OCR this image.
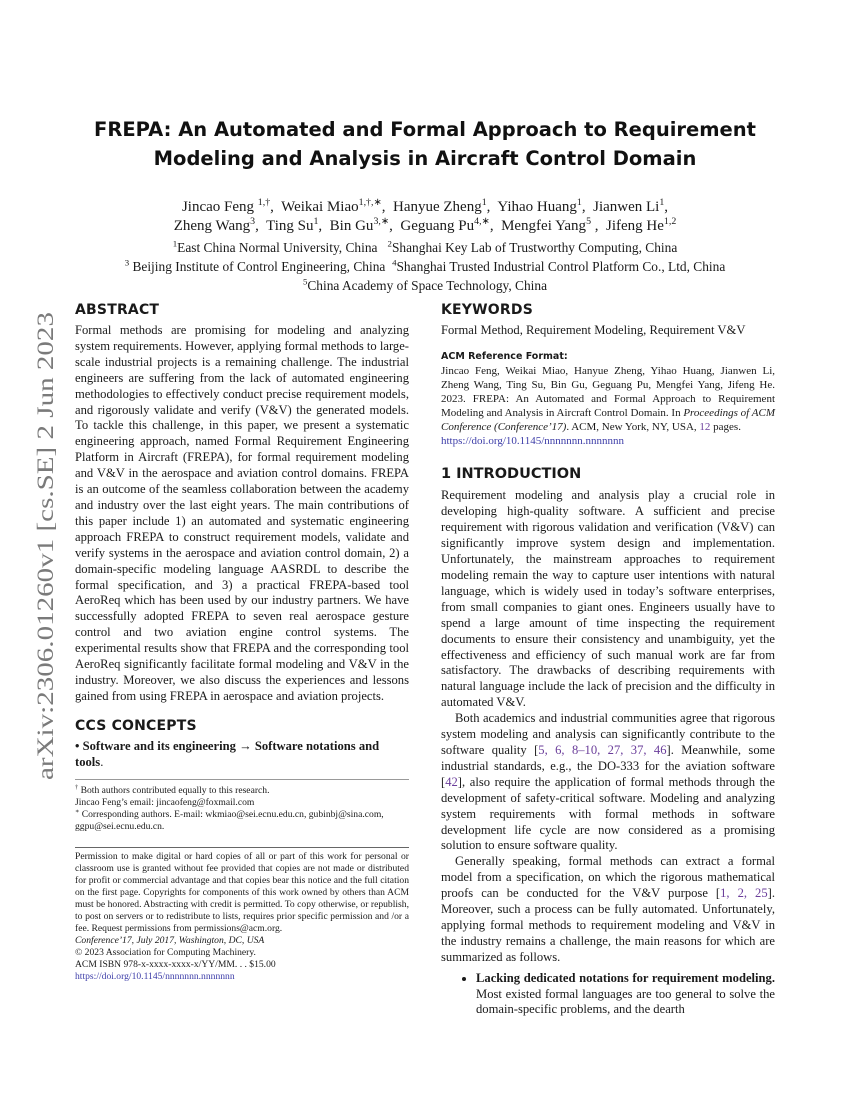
arXiv:2306.01260v1 [cs.SE] 2 Jun 2023
FREPA: An Automated and Formal Approach to Requirement
Modeling and Analysis in Aircraft Control Domain
Jincao Feng $^{1,\dagger}$,  Weikai Miao$^{1,\dagger,∗}$,  Hanyue Zheng$^1$,  Yihao Huang$^1$,  Jianwen Li$^1$,
Zheng Wang$^3$,  Ting Su$^1$,  Bin $Gu^{3,∗}$,  Geguang $Pu^{4,∗}$,  Mengfei Yang$^5$ ,  Jifeng He$^{1,2}$
$^1$East China Normal University, China $^2$Shanghai Key Lab of Trustworthy Computing, China
$^3$ Beijing Institute of Control Engineering, China $^4$Shanghai Trusted Industrial Control Platform Co., Ltd, China
$^5$China Academy of Space Technology, China
ABSTRACT

Formal methods are promising for modeling and analyzing system requirements. However, applying formal methods to large-scale industrial projects is a remaining challenge. The industrial engineers are suffering from the lack of automated engineering methodologies to effectively conduct precise requirement models, and rigorously validate and verify (V&V) the generated models. To tackle this challenge, in this paper, we present a systematic engineering approach, named Formal Requirement Engineering Platform in Aircraft (FREPA), for formal requirement modeling and V&V in the aerospace and aviation control domains. FREPA is an outcome of the seamless collaboration between the academy and industry over the last eight years. The main contributions of this paper include 1) an automated and systematic engineering approach FREPA to construct requirement models, validate and verify systems in the aerospace and aviation control domain, 2) a domain-specific modeling language AASRDL to describe the formal specification, and 3) a practical FREPA-based tool AeroReq which has been used by our industry partners. We have successfully adopted FREPA to seven real aerospace gesture control and two aviation engine control systems. The experimental results show that FREPA and the corresponding tool AeroReq significantly facilitate formal modeling and V&V in the industry. Moreover, we also discuss the experiences and lessons gained from using FREPA in aerospace and aviation projects.

CCS CONCEPTS

• Software and its engineering → Software notations and tools.

† Both authors contributed equally to this research.

Jincao Feng’s email: jincaofeng@foxmail.com

∗ Corresponding authors. E-mail: wkmiao@sei.ecnu.edu.cn, gubinbj@sina.com, ggpu@sei.ecnu.edu.cn.

Permission to make digital or hard copies of all or part of this work for personal or classroom use is granted without fee provided that copies are not made or distributed for profit or commercial advantage and that copies bear this notice and the full citation on the first page. Copyrights for components of this work owned by others than ACM must be honored. Abstracting with credit is permitted. To copy otherwise, or republish, to post on servers or to redistribute to lists, requires prior specific permission and /or a fee. Request permissions from permissions@acm.org.

Conference’17, July 2017, Washington, DC, USA

© 2023 Association for Computing Machinery.

ACM ISBN 978-x-xxxx-xxxx-x/YY/MM. . . $15.00

https://doi.org/10.1145/nnnnnnn.nnnnnnn

KEYWORDS

Formal Method, Requirement Modeling, Requirement V&V

ACM Reference Format:

Jincao Feng, Weikai Miao, Hanyue Zheng, Yihao Huang, Jianwen Li, Zheng Wang, Ting Su, Bin Gu, Geguang Pu, Mengfei Yang, Jifeng He. 2023. FREPA: An Automated and Formal Approach to Requirement Modeling and Analysis in Aircraft Control Domain. In Proceedings of ACM Conference (Conference’17). ACM, New York, NY, USA, 12 pages.
https://doi.org/10.1145/nnnnnnn.nnnnnnn

1 INTRODUCTION

Requirement modeling and analysis play a crucial role in developing high-quality software. A sufficient and precise requirement with rigorous validation and verification (V&V) can significantly improve system design and implementation. Unfortunately, the mainstream approaches to requirement modeling remain the way to capture user intentions with natural language, which is widely used in today’s software enterprises, from small companies to giant ones. Engineers usually have to spend a large amount of time inspecting the requirement documents to ensure their consistency and unambiguity, yet the effectiveness and efficiency of such manual work are far from satisfactory. The drawbacks of describing requirements with natural language include the lack of precision and the difficulty in automated V&V.

Both academics and industrial communities agree that rigorous system modeling and analysis can significantly contribute to the software quality [5, 6, 8–10, 27, 37, 46]. Meanwhile, some industrial standards, e.g., the DO-333 for the aviation software [42], also require the application of formal methods through the development of safety-critical software. Modeling and analyzing system requirements with formal methods in software development life cycle are now considered as a promising solution to ensure software quality.

Generally speaking, formal methods can extract a formal model from a specification, on which the rigorous mathematical proofs can be conducted for the V&V purpose [1, 2, 25]. Moreover, such a process can be fully automated. Unfortunately, applying formal methods to requirement modeling and V&V in the industry remains a challenge, the main reasons for which are summarized as follows.

• Lacking dedicated notations for requirement modeling. Most existed formal languages are too general to solve the domain-specific problems, and the dearth
